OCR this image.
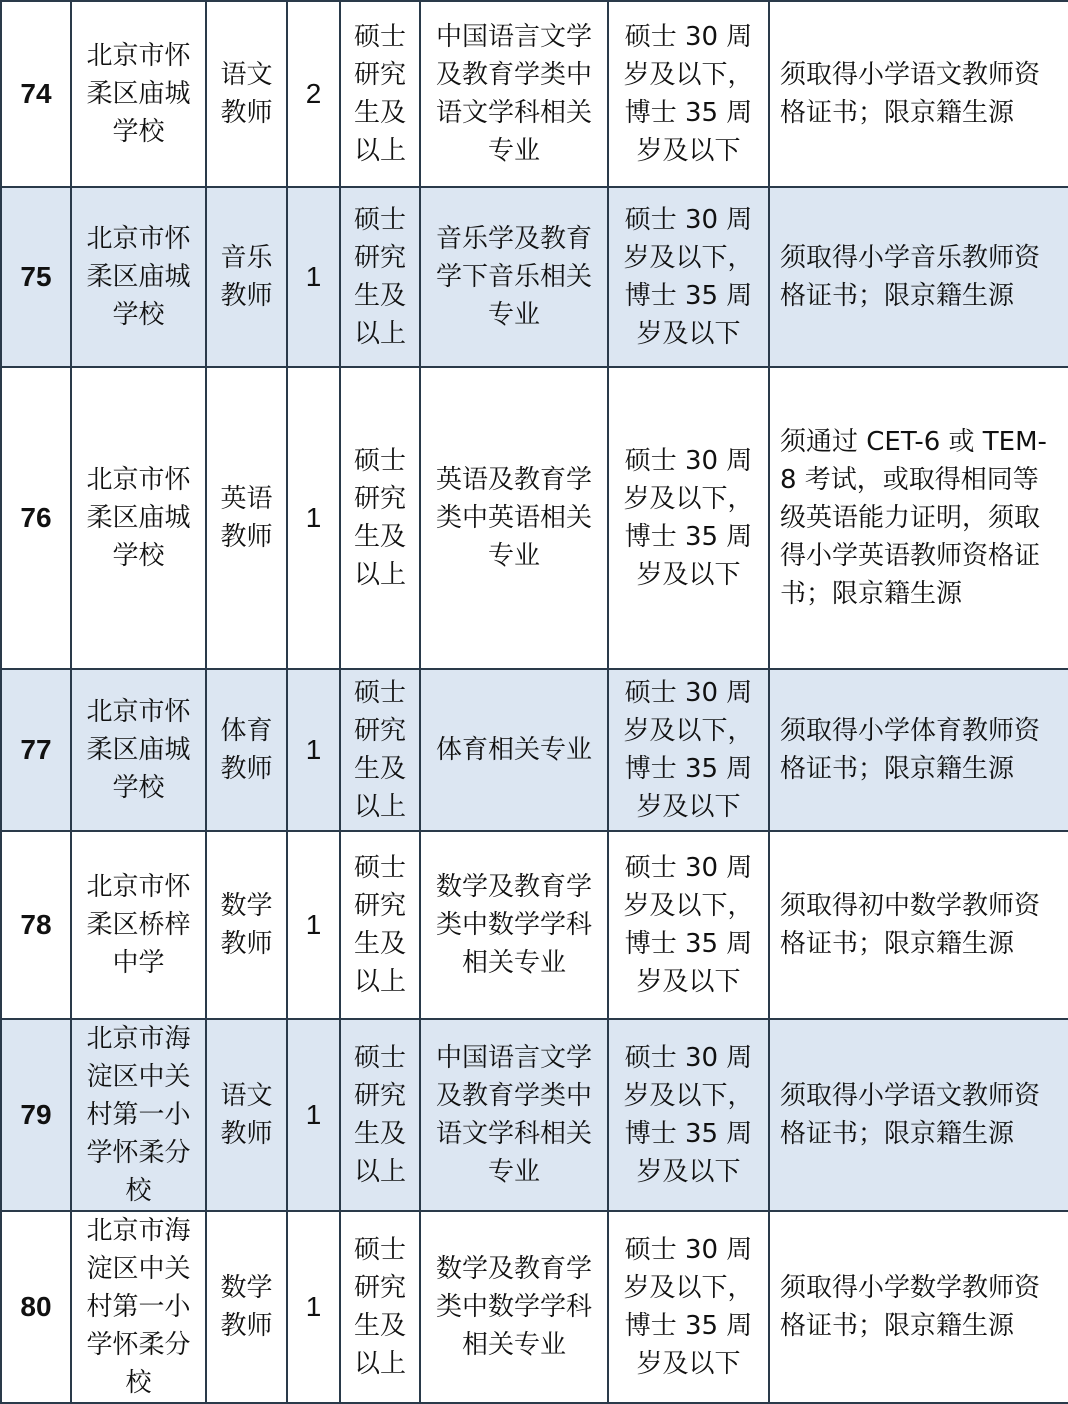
74	北京市怀柔区庙城学校	语文教师	2	硕士研究生及以上	中国语言文学及教育学类中语文学科相关专业	硕士 30 周岁及以下，博士 35 周岁及以下	须取得小学语文教师资格证书；限京籍生源
75	北京市怀柔区庙城学校	音乐教师	1	硕士研究生及以上	音乐学及教育学下音乐相关专业	硕士 30 周岁及以下，博士 35 周岁及以下	须取得小学音乐教师资格证书；限京籍生源
76	北京市怀柔区庙城学校	英语教师	1	硕士研究生及以上	英语及教育学类中英语相关专业	硕士 30 周岁及以下，博士 35 周岁及以下	须通过 CET-6 或 TEM-8 考试，或取得相同等级英语能力证明，须取得小学英语教师资格证书；限京籍生源
77	北京市怀柔区庙城学校	体育教师	1	硕士研究生及以上	体育相关专业	硕士 30 周岁及以下，博士 35 周岁及以下	须取得小学体育教师资格证书；限京籍生源
78	北京市怀柔区桥梓中学	数学教师	1	硕士研究生及以上	数学及教育学类中数学学科相关专业	硕士 30 周岁及以下，博士 35 周岁及以下	须取得初中数学教师资格证书；限京籍生源
79	北京市海淀区中关村第一小学怀柔分校	语文教师	1	硕士研究生及以上	中国语言文学及教育学类中语文学科相关专业	硕士 30 周岁及以下，博士 35 周岁及以下	须取得小学语文教师资格证书；限京籍生源
80	北京市海淀区中关村第一小学怀柔分校	数学教师	1	硕士研究生及以上	数学及教育学类中数学学科相关专业	硕士 30 周岁及以下，博士 35 周岁及以下	须取得小学数学教师资格证书；限京籍生源
